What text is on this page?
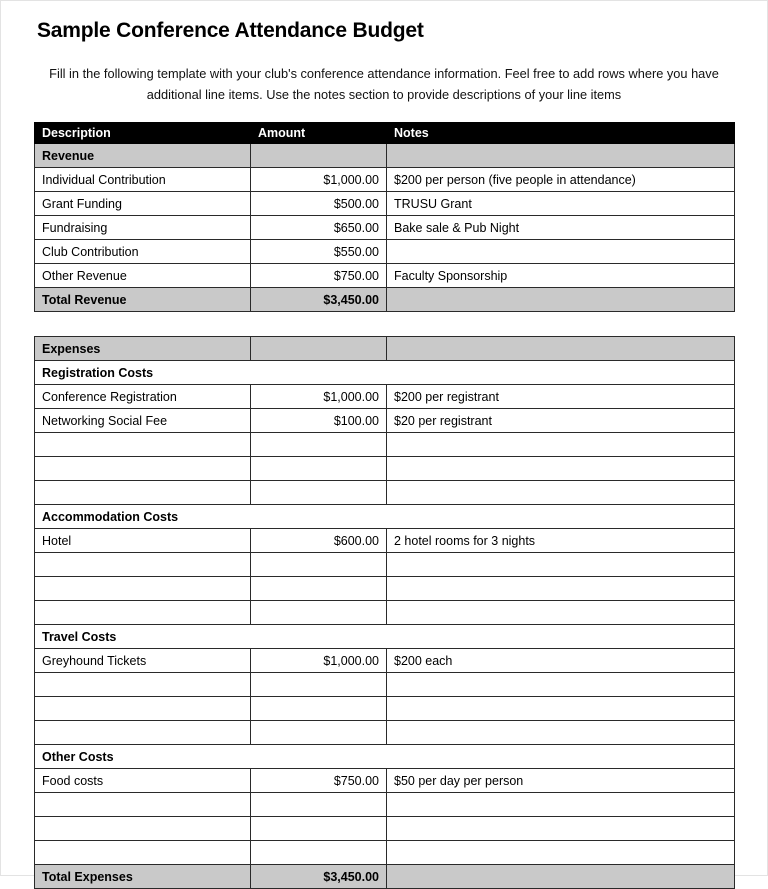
Sample Conference Attendance Budget
Fill in the following template with your club's conference attendance information. Feel free to add rows where you have additional line items. Use the notes section to provide descriptions of your line items
Description	Amount	Notes
Revenue		
Individual Contribution	$1,000.00	$200 per person (five people in attendance)
Grant Funding	$500.00	TRUSU Grant
Fundraising	$650.00	Bake sale & Pub Night
Club Contribution	$550.00	
Other Revenue	$750.00	Faculty Sponsorship
Total Revenue	$3,450.00	
Expenses		
Registration Costs		
Conference Registration	$1,000.00	$200 per registrant
Networking Social Fee	$100.00	$20 per registrant

Accommodation Costs		
Hotel	$600.00	2 hotel rooms for 3 nights

Travel Costs		
Greyhound Tickets	$1,000.00	$200 each

Other Costs		
Food costs	$750.00	$50 per day per person

Total Expenses	$3,450.00	
